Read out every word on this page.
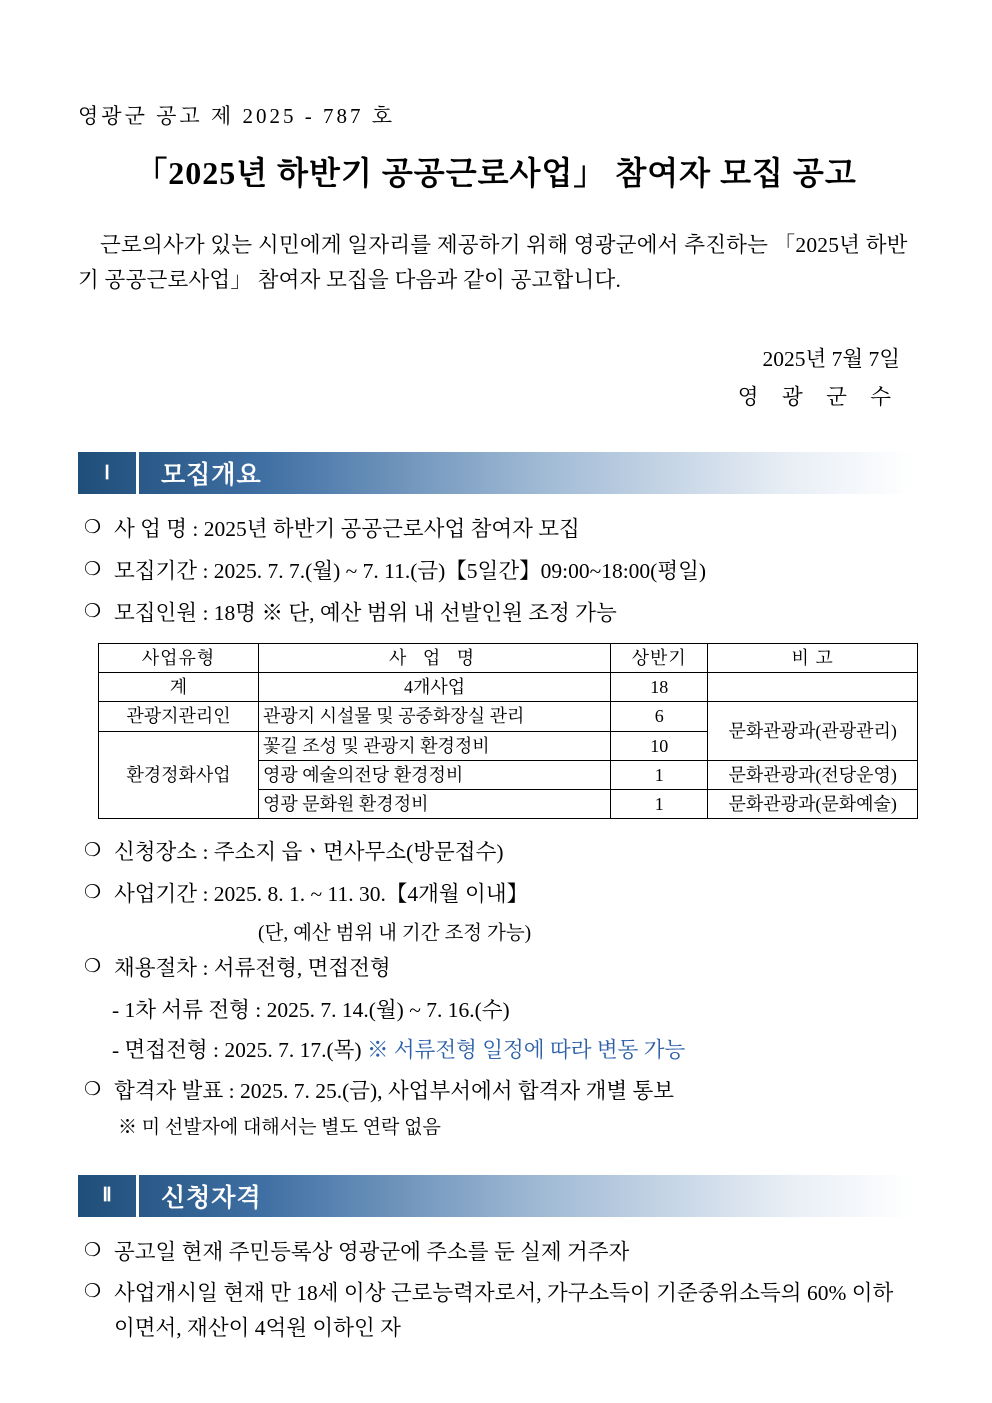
영광군 공고 제 2025 - 787 호
「2025년 하반기 공공근로사업」 참여자 모집 공고
근로의사가 있는 시민에게 일자리를 제공하기 위해 영광군에서 추진하는 「2025년 하반기 공공근로사업」 참여자 모집을 다음과 같이 공고합니다.
2025년 7월 7일
영 광 군 수
Ⅰ	모집개요
❍ 사 업 명 : 2025년 하반기 공공근로사업 참여자 모집
❍ 모집기간 : 2025. 7. 7.(월) ~ 7. 11.(금)【5일간】09:00~18:00(평일)
❍ 모집인원 : 18명 ※ 단, 예산 범위 내 선발인원 조정 가능
사업유형	사 업 명	상반기	비 고
계	4개사업	18	
관광지관리인	관광지 시설물 및 공중화장실 관리	6	문화관광과(관광관리)
환경정화사업	꽃길 조성 및 관광지 환경정비	10	
	영광 예술의전당 환경정비	1	문화관광과(전당운영)
	영광 문화원 환경정비	1	문화관광과(문화예술)
❍ 신청장소 : 주소지 읍ㆍ면사무소(방문접수)
❍ 사업기간 : 2025. 8. 1. ~ 11. 30.【4개월 이내】
(단, 예산 범위 내 기간 조정 가능)
❍ 채용절차 : 서류전형, 면접전형
- 1차 서류 전형 : 2025. 7. 14.(월) ~ 7. 16.(수)
- 면접전형 : 2025. 7. 17.(목) ※ 서류전형 일정에 따라 변동 가능
❍ 합격자 발표 : 2025. 7. 25.(금), 사업부서에서 합격자 개별 통보
※ 미 선발자에 대해서는 별도 연락 없음
Ⅱ	신청자격
❍ 공고일 현재 주민등록상 영광군에 주소를 둔 실제 거주자
❍ 사업개시일 현재 만 18세 이상 근로능력자로서, 가구소득이 기준중위소득의 60% 이하이면서, 재산이 4억원 이하인 자
